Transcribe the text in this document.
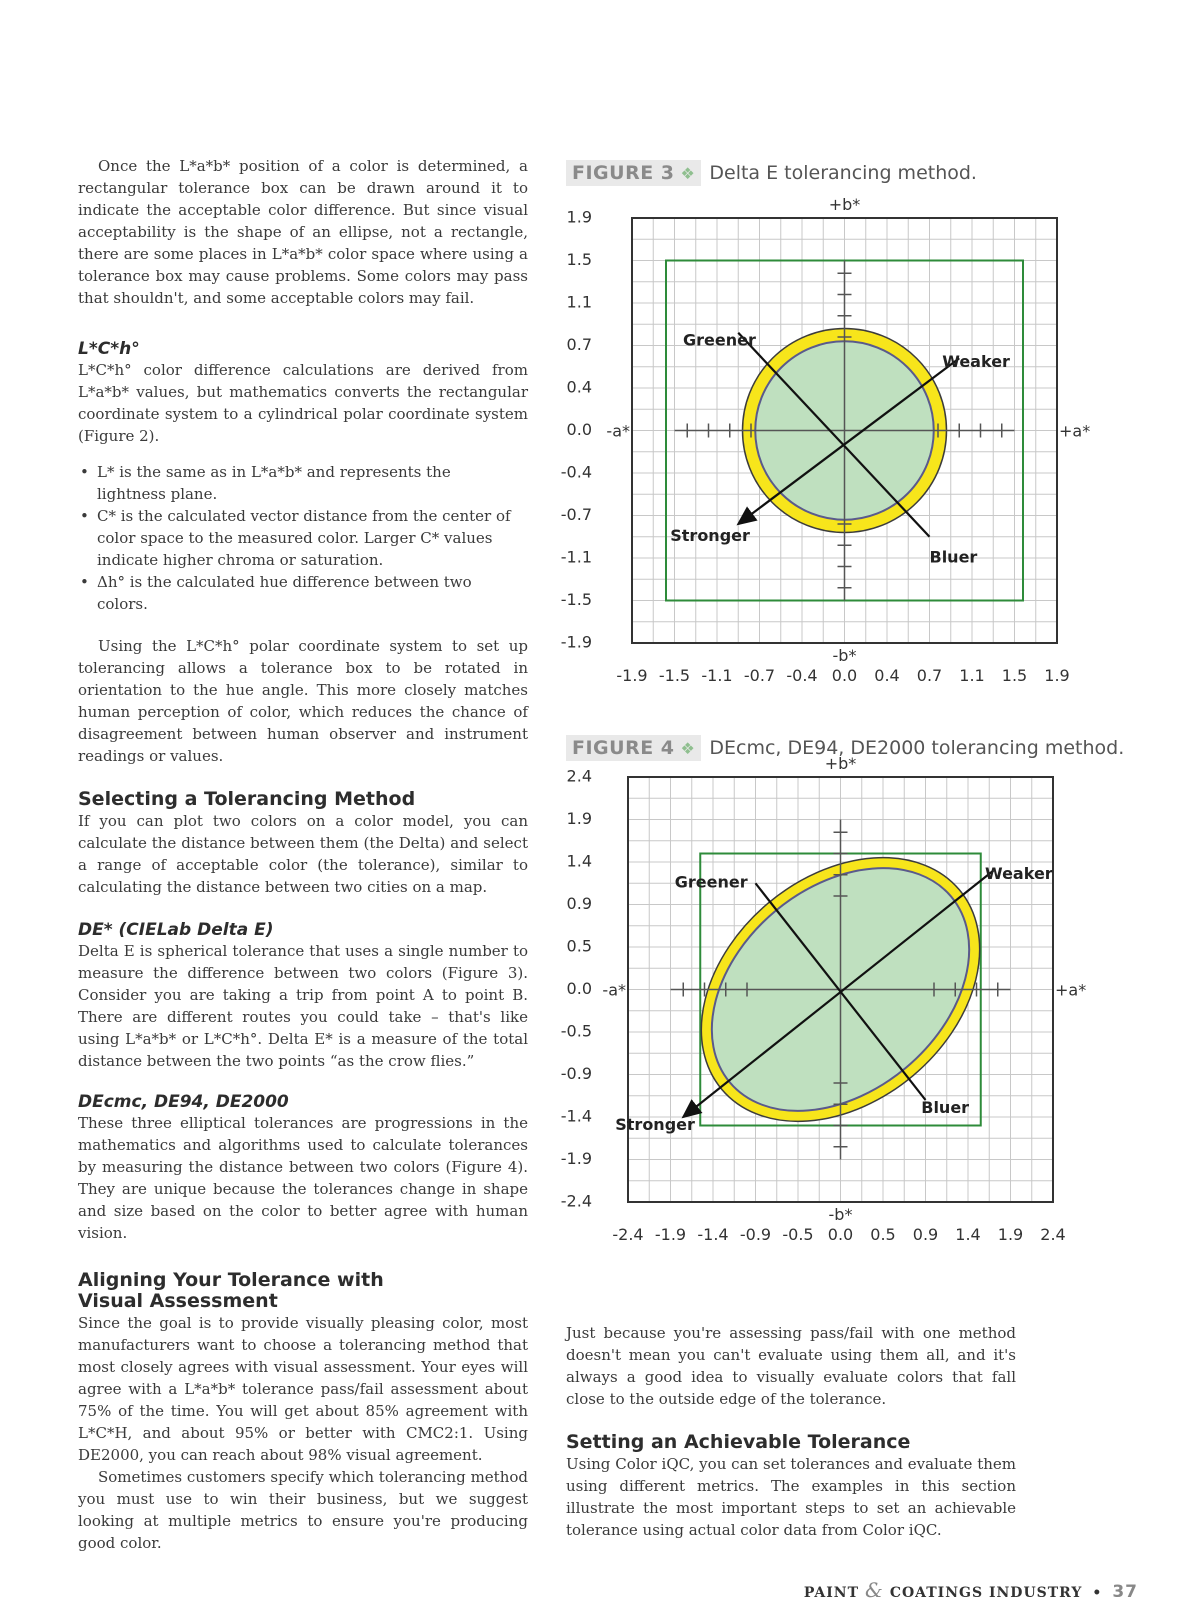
Once the L*a*b* position of a color is determined, a rectangular tolerance box can be drawn around it to indicate the acceptable color difference. But since visual acceptability is the shape of an ellipse, not a rectangle, there are some places in L*a*b* color space where using a tolerance box may cause problems. Some colors may pass that shouldn't, and some acceptable colors may fail.

L*C*h°

L*C*h° color difference calculations are derived from L*a*b* values, but mathematics converts the rectangular coordinate system to a cylindrical polar coordinate system (Figure 2).

• L* is the same as in L*a*b* and represents the lightness plane.
• C* is the calculated vector distance from the center of color space to the measured color. Larger C* values indicate higher chroma or saturation.
• Δh° is the calculated hue difference between two colors.

Using the L*C*h° polar coordinate system to set up tolerancing allows a tolerance box to be rotated in orientation to the hue angle. This more closely matches human perception of color, which reduces the chance of disagreement between human observer and instrument readings or values.

Selecting a Tolerancing Method

If you can plot two colors on a color model, you can calculate the distance between them (the Delta) and select a range of acceptable color (the tolerance), similar to calculating the distance between two cities on a map.

DE* (CIELab Delta E)

Delta E is spherical tolerance that uses a single number to measure the difference between two colors (Figure 3). Consider you are taking a trip from point A to point B. There are different routes you could take – that's like using L*a*b* or L*C*h°. Delta E* is a measure of the total distance between the two points “as the crow flies.”

DEcmc, DE94, DE2000

These three elliptical tolerances are progressions in the mathematics and algorithms used to calculate tolerances by measuring the distance between two colors (Figure 4). They are unique because the tolerances change in shape and size based on the color to better agree with human vision.

Aligning Your Tolerance with
Visual Assessment

Since the goal is to provide visually pleasing color, most manufacturers want to choose a tolerancing method that most closely agrees with visual assessment. Your eyes will agree with a L*a*b* tolerance pass/fail assessment about 75% of the time. You will get about 85% agreement with L*C*H, and about 95% or better with CMC2:1. Using DE2000, you can reach about 98% visual agreement.

Sometimes customers specify which tolerancing method you must use to win their business, but we suggest looking at multiple metrics to ensure you're producing good color.

FIGURE 3 ❖ Delta E tolerancing method.
1.9
1.5
1.1
0.7
0.4
0.0
-0.4
-0.7
-1.1
-1.5
-1.9
-1.9 -1.5 -1.1 -0.7 -0.4 0.0 0.4 0.7 1.1 1.5 1.9
+b*
-b*
-a*	+a*
Greener
Weaker
Stronger
Bluer
FIGURE 4 ❖ DEcmc, DE94, DE2000 tolerancing method.
2.4
1.9
1.4
0.9
0.5
0.0
-0.5
-0.9
-1.4
-1.9
-2.4
-2.4 -1.9 -1.4 -0.9 -0.5 0.0 0.5 0.9 1.4 1.9 2.4
+b*
-b*
-a*	+a*
Greener	Weaker
Stronger
Bluer

Just because you're assessing pass/fail with one method doesn't mean you can't evaluate using them all, and it's always a good idea to visually evaluate colors that fall close to the outside edge of the tolerance.

Setting an Achievable Tolerance

Using Color iQC, you can set tolerances and evaluate them using different metrics. The examples in this section illustrate the most important steps to set an achievable tolerance using actual color data from Color iQC.

PAINT & COATINGS INDUSTRY • 37
